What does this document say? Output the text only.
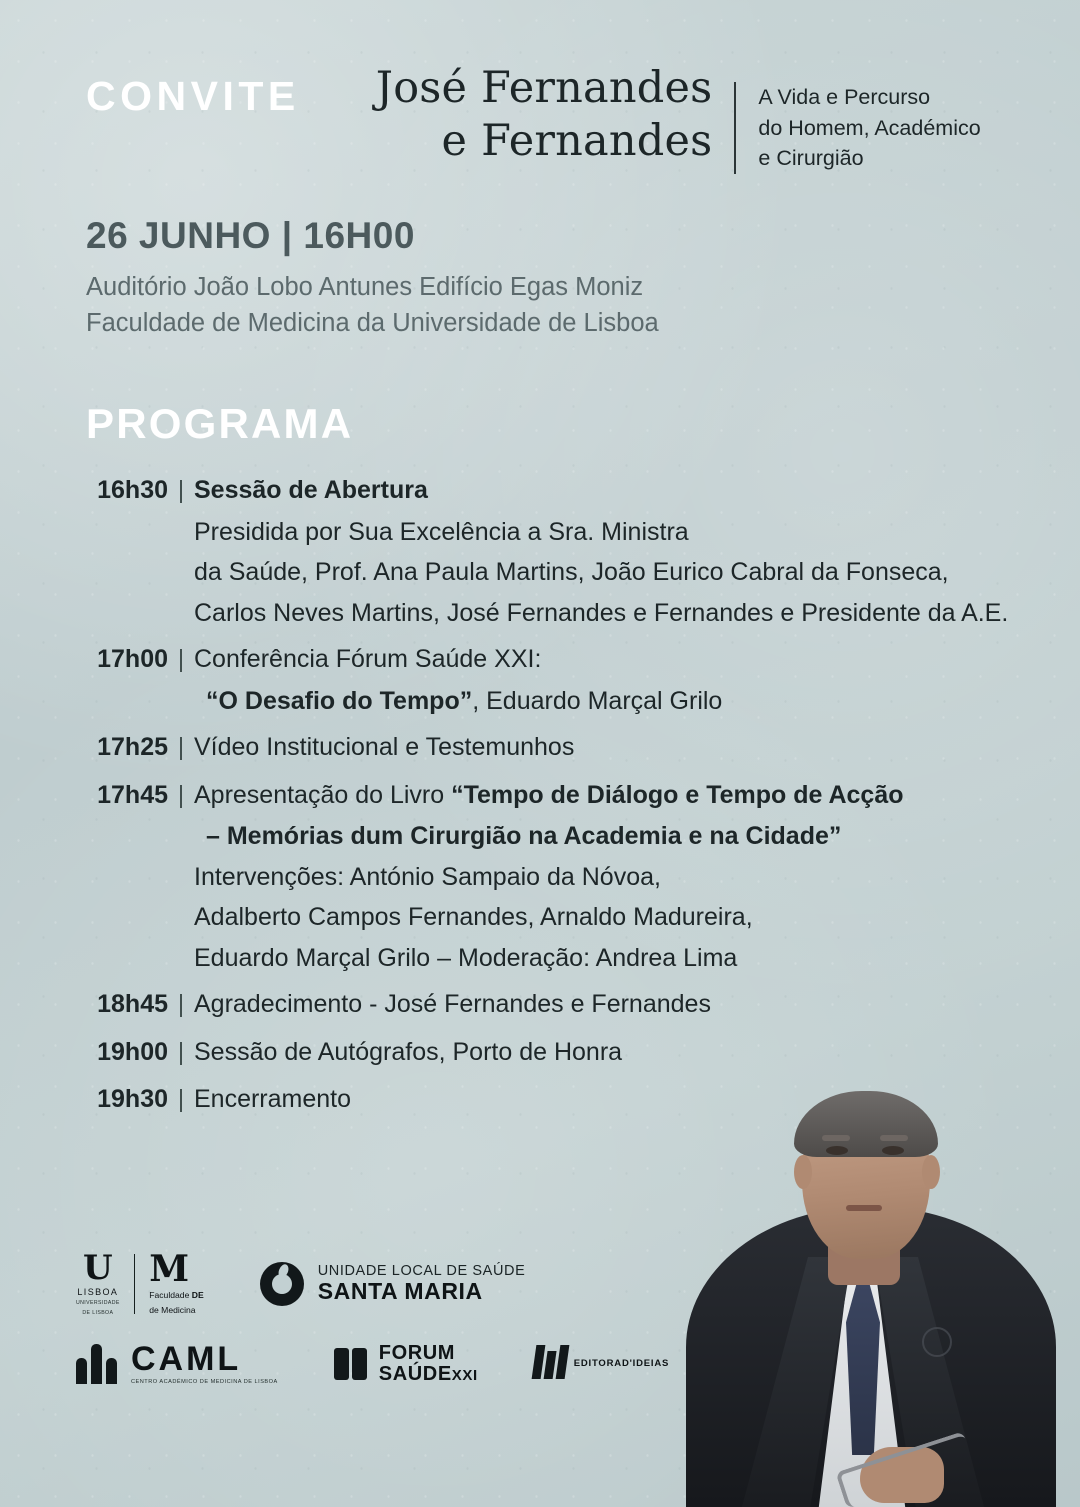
CONVITE José Fernandes
e Fernandes
A Vida e Percurso
do Homem, Académico
e Cirurgião
26 JUNHO | 16H00
Auditório João Lobo Antunes Edifício Egas Moniz
Faculdade de Medicina da Universidade de Lisboa
PROGRAMA
16h30 | Sessão de Abertura
Presidida por Sua Excelência a Sra. Ministra
da Saúde, Prof. Ana Paula Martins, João Eurico Cabral da Fonseca,
Carlos Neves Martins, José Fernandes e Fernandes e Presidente da A.E.
17h00 | Conferência Fórum Saúde XXI:
“O Desafio do Tempo”, Eduardo Marçal Grilo
17h25 | Vídeo Institucional e Testemunhos
17h45 | Apresentação do Livro “Tempo de Diálogo e Tempo de Acção
– Memórias dum Cirurgião na Academia e na Cidade”
Intervenções: António Sampaio da Nóvoa,
Adalberto Campos Fernandes, Arnaldo Madureira,
Eduardo Marçal Grilo – Moderação: Andrea Lima
18h45 | Agradecimento - José Fernandes e Fernandes
19h00 | Sessão de Autógrafos, Porto de Honra
19h30 | Encerramento
U
LISBOA
UNIVERSIDADE
DE LISBOA
M
Faculdade DE
de Medicina
UNIDADE LOCAL DE SAÚDE
SANTA MARIA
CAML
CENTRO ACADÉMICO DE MEDICINA DE LISBOA
FORUM
SAÚDEXXI
EDITORA D'IDEIAS
